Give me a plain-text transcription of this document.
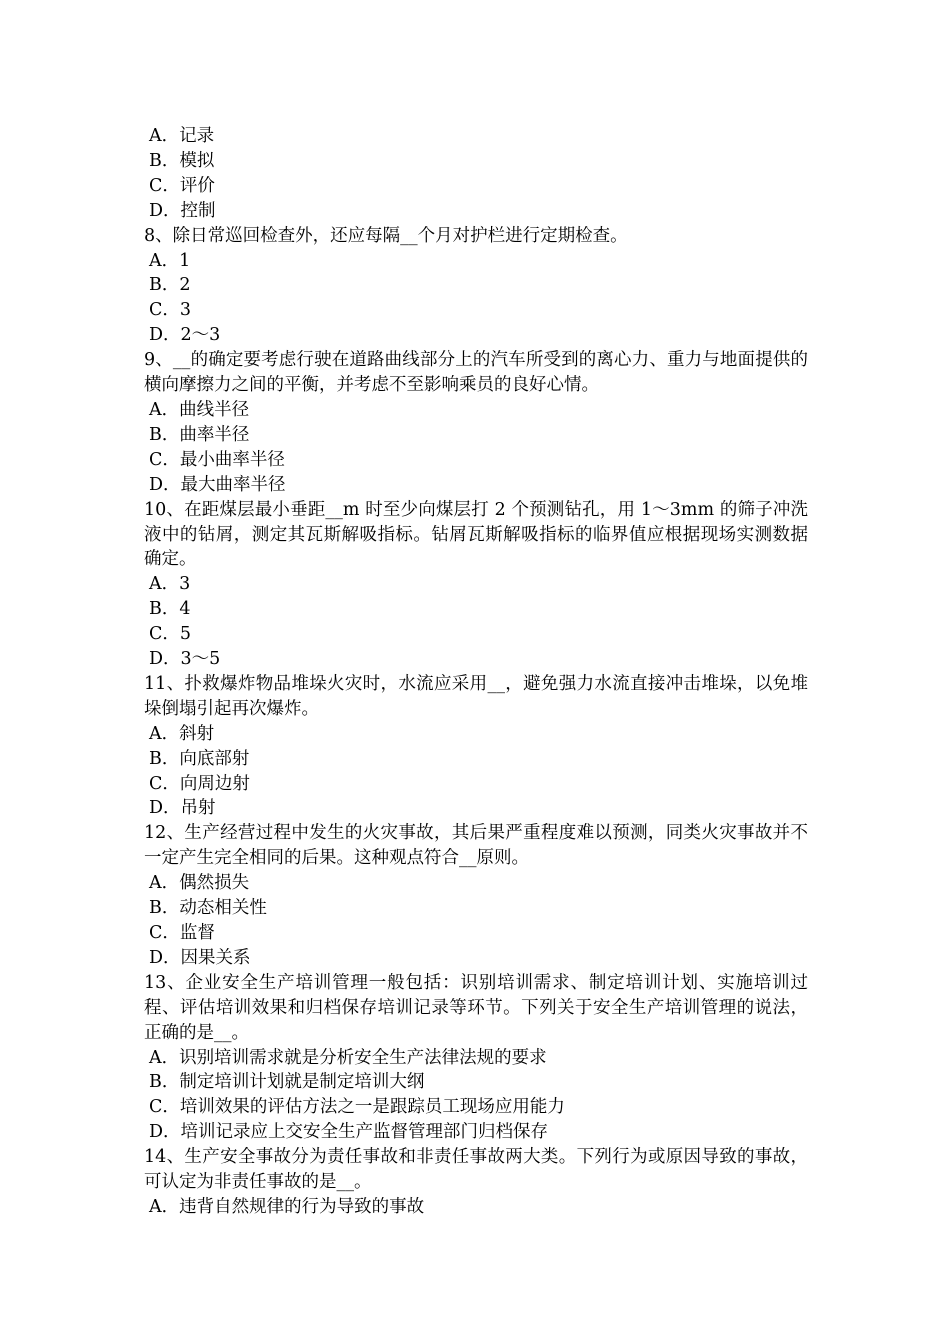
A．记录

B．模拟

C．评价

D．控制

8、除日常巡回检查外，还应每隔__个月对护栏进行定期检查。

A．1

B．2

C．3

D．2～3

9、__的确定要考虑行驶在道路曲线部分上的汽车所受到的离心力、重力与地面提供的横向摩擦力之间的平衡，并考虑不至影响乘员的良好心情。

A．曲线半径

B．曲率半径

C．最小曲率半径

D．最大曲率半径

10、在距煤层最小垂距__m 时至少向煤层打 2 个预测钻孔，用 1～3mm 的筛子冲洗液中的钻屑，测定其瓦斯解吸指标。钻屑瓦斯解吸指标的临界值应根据现场实测数据确定。

A．3

B．4

C．5

D．3～5

11、扑救爆炸物品堆垛火灾时，水流应采用__，避免强力水流直接冲击堆垛，以免堆垛倒塌引起再次爆炸。

A．斜射

B．向底部射

C．向周边射

D．吊射

12、生产经营过程中发生的火灾事故，其后果严重程度难以预测，同类火灾事故并不一定产生完全相同的后果。这种观点符合__原则。

A．偶然损失

B．动态相关性

C．监督

D．因果关系

13、企业安全生产培训管理一般包括：识别培训需求、制定培训计划、实施培训过程、评估培训效果和归档保存培训记录等环节。下列关于安全生产培训管理的说法，正确的是__。

A．识别培训需求就是分析安全生产法律法规的要求

B．制定培训计划就是制定培训大纲

C．培训效果的评估方法之一是跟踪员工现场应用能力

D．培训记录应上交安全生产监督管理部门归档保存

14、生产安全事故分为责任事故和非责任事故两大类。下列行为或原因导致的事故，可认定为非责任事故的是__。

A．违背自然规律的行为导致的事故
